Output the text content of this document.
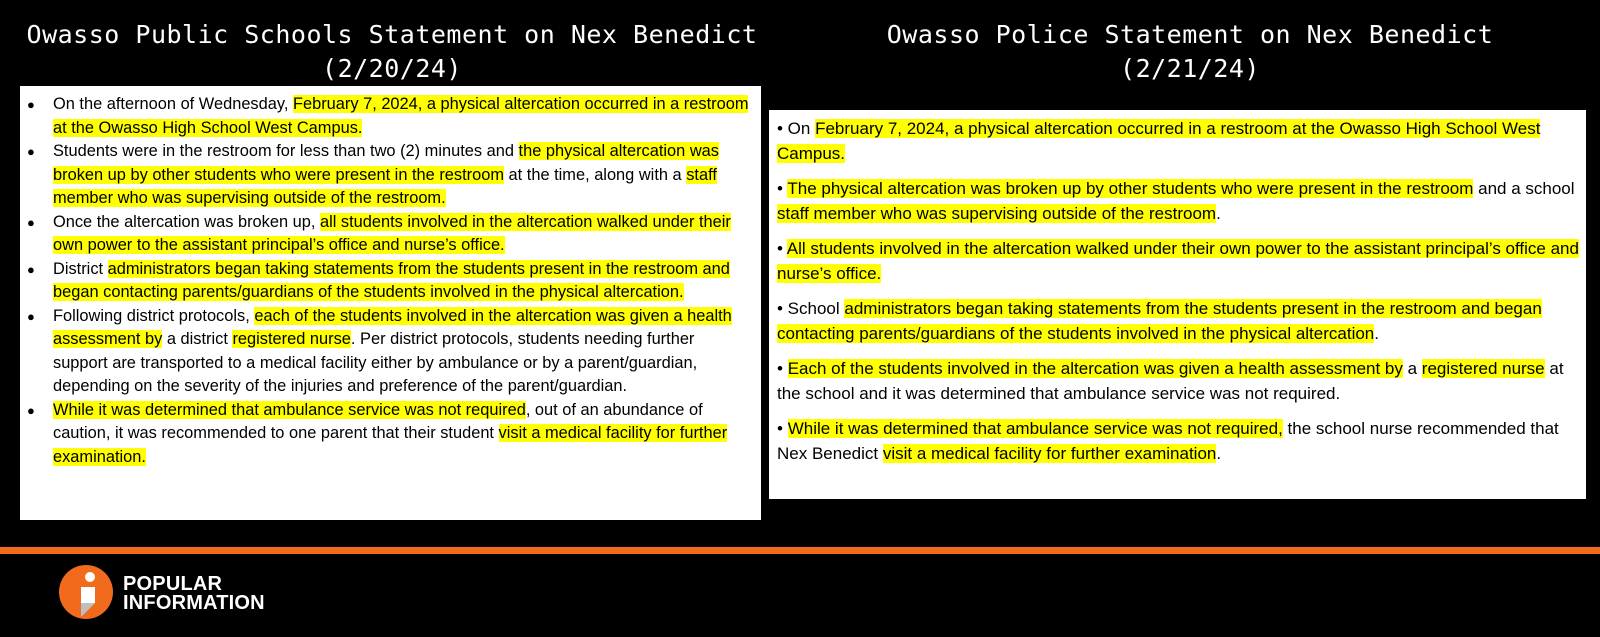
Owasso Public Schools Statement on Nex Benedict
(2/20/24)
Owasso Police Statement on Nex Benedict
(2/21/24)
● On the afternoon of Wednesday, February 7, 2024, a physical altercation occurred in a restroom at the Owasso High School West Campus.
● Students were in the restroom for less than two (2) minutes and the physical altercation was broken up by other students who were present in the restroom at the time, along with a staff member who was supervising outside of the restroom.
● Once the altercation was broken up, all students involved in the altercation walked under their own power to the assistant principal’s office and nurse’s office.
● District administrators began taking statements from the students present in the restroom and began contacting parents/guardians of the students involved in the physical altercation.
● Following district protocols, each of the students involved in the altercation was given a health assessment by a district registered nurse. Per district protocols, students needing further support are transported to a medical facility either by ambulance or by a parent/guardian, depending on the severity of the injuries and preference of the parent/guardian.
● While it was determined that ambulance service was not required, out of an abundance of caution, it was recommended to one parent that their student visit a medical facility for further examination.

• On February 7, 2024, a physical altercation occurred in a restroom at the Owasso High School West Campus.

• The physical altercation was broken up by other students who were present in the restroom and a school staff member who was supervising outside of the restroom.

• All students involved in the altercation walked under their own power to the assistant principal’s office and nurse’s office.

• School administrators began taking statements from the students present in the restroom and began contacting parents/guardians of the students involved in the physical altercation.

• Each of the students involved in the altercation was given a health assessment by a registered nurse at the school and it was determined that ambulance service was not required.

• While it was determined that ambulance service was not required, the school nurse recommended that Nex Benedict visit a medical facility for further examination.

POPULAR
INFORMATION
